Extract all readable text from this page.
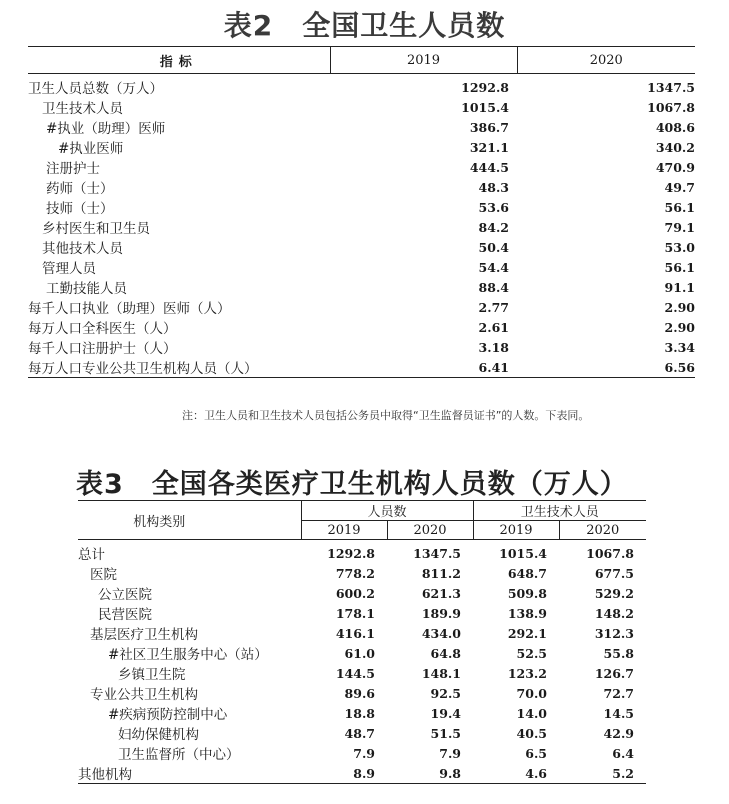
表2　全国卫生人员数
指标	2019	2020
卫生人员总数（万人）	1292.8	1347.5
卫生技术人员	1015.4	1067.8
#执业（助理）医师	386.7	408.6
#执业医师	321.1	340.2
注册护士	444.5	470.9
药师（士）	48.3	49.7
技师（士）	53.6	56.1
乡村医生和卫生员	84.2	79.1
其他技术人员	50.4	53.0
管理人员	54.4	56.1
工勤技能人员	88.4	91.1
每千人口执业（助理）医师（人）	2.77	2.90
每万人口全科医生（人）	2.61	2.90
每千人口注册护士（人）	3.18	3.34
每万人口专业公共卫生机构人员（人）	6.41	6.56
注：卫生人员和卫生技术人员包括公务员中取得“卫生监督员证书”的人数。下表同。
表3　全国各类医疗卫生机构人员数（万人）
机构类别	人员数		卫生技术人员	
	2019	2020	2019	2020
总计	1292.8	1347.5	1015.4	1067.8
医院	778.2	811.2	648.7	677.5
公立医院	600.2	621.3	509.8	529.2
民营医院	178.1	189.9	138.9	148.2
基层医疗卫生机构	416.1	434.0	292.1	312.3
#社区卫生服务中心（站）	61.0	64.8	52.5	55.8
乡镇卫生院	144.5	148.1	123.2	126.7
专业公共卫生机构	89.6	92.5	70.0	72.7
#疾病预防控制中心	18.8	19.4	14.0	14.5
妇幼保健机构	48.7	51.5	40.5	42.9
卫生监督所（中心）	7.9	7.9	6.5	6.4
其他机构	8.9	9.8	4.6	5.2
